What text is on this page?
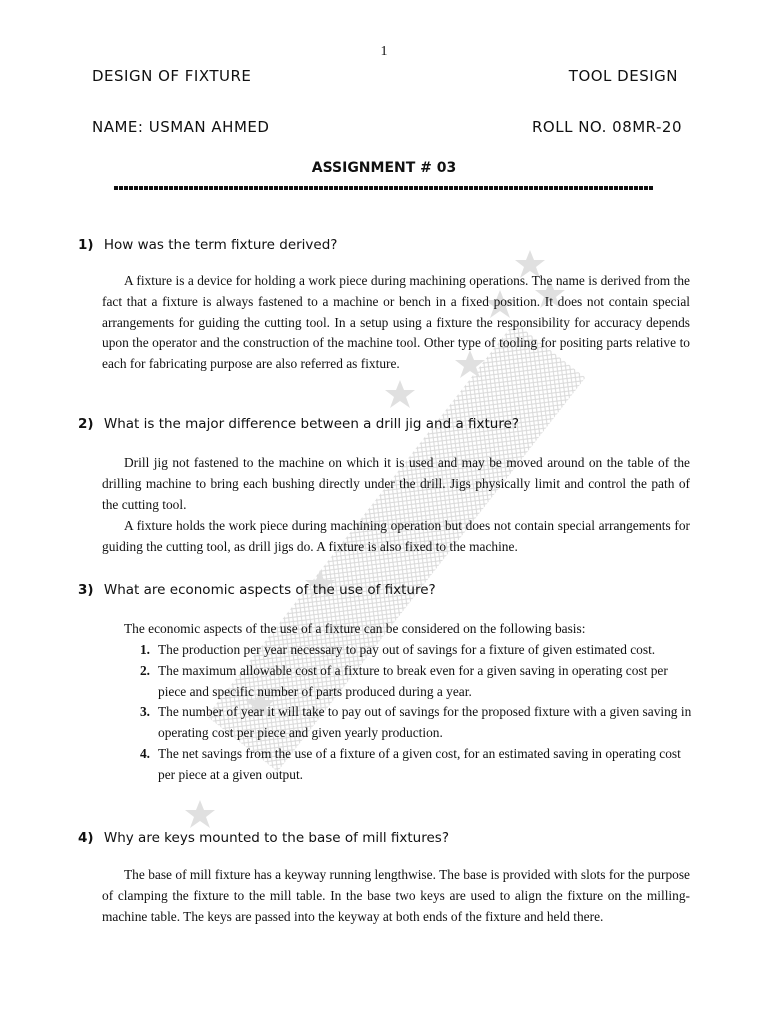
1
DESIGN OF FIXTURE	TOOL DESIGN
NAME: USMAN AHMED	ROLL NO. 08MR-20
ASSIGNMENT # 03
1) How was the term fixture derived?
A fixture is a device for holding a work piece during machining operations. The name is derived from the fact that a fixture is always fastened to a machine or bench in a fixed position. It does not contain special arrangements for guiding the cutting tool. In a setup using a fixture the responsibility for accuracy depends upon the operator and the construction of the machine tool. Other type of tooling for positing parts relative to each for fabricating purpose are also referred as fixture.
2) What is the major difference between a drill jig and a fixture?
Drill jig not fastened to the machine on which it is used and may be moved around on the table of the drilling machine to bring each bushing directly under the drill. Jigs physically limit and control the path of the cutting tool.
A fixture holds the work piece during machining operation but does not contain special arrangements for guiding the cutting tool, as drill jigs do. A fixture is also fixed to the machine.
3) What are economic aspects of the use of fixture?
The economic aspects of the use of a fixture can be considered on the following basis:
1. The production per year necessary to pay out of savings for a fixture of given estimated cost.
2. The maximum allowable cost of a fixture to break even for a given saving in operating cost per piece and specific number of parts produced during a year.
3. The number of year it will take to pay out of savings for the proposed fixture with a given saving in operating cost per piece and given yearly production.
4. The net savings from the use of a fixture of a given cost, for an estimated saving in operating cost per piece at a given output.
4) Why are keys mounted to the base of mill fixtures?
The base of mill fixture has a keyway running lengthwise. The base is provided with slots for the purpose of clamping the fixture to the mill table. In the base two keys are used to align the fixture on the milling-machine table. The keys are passed into the keyway at both ends of the fixture and held there.
